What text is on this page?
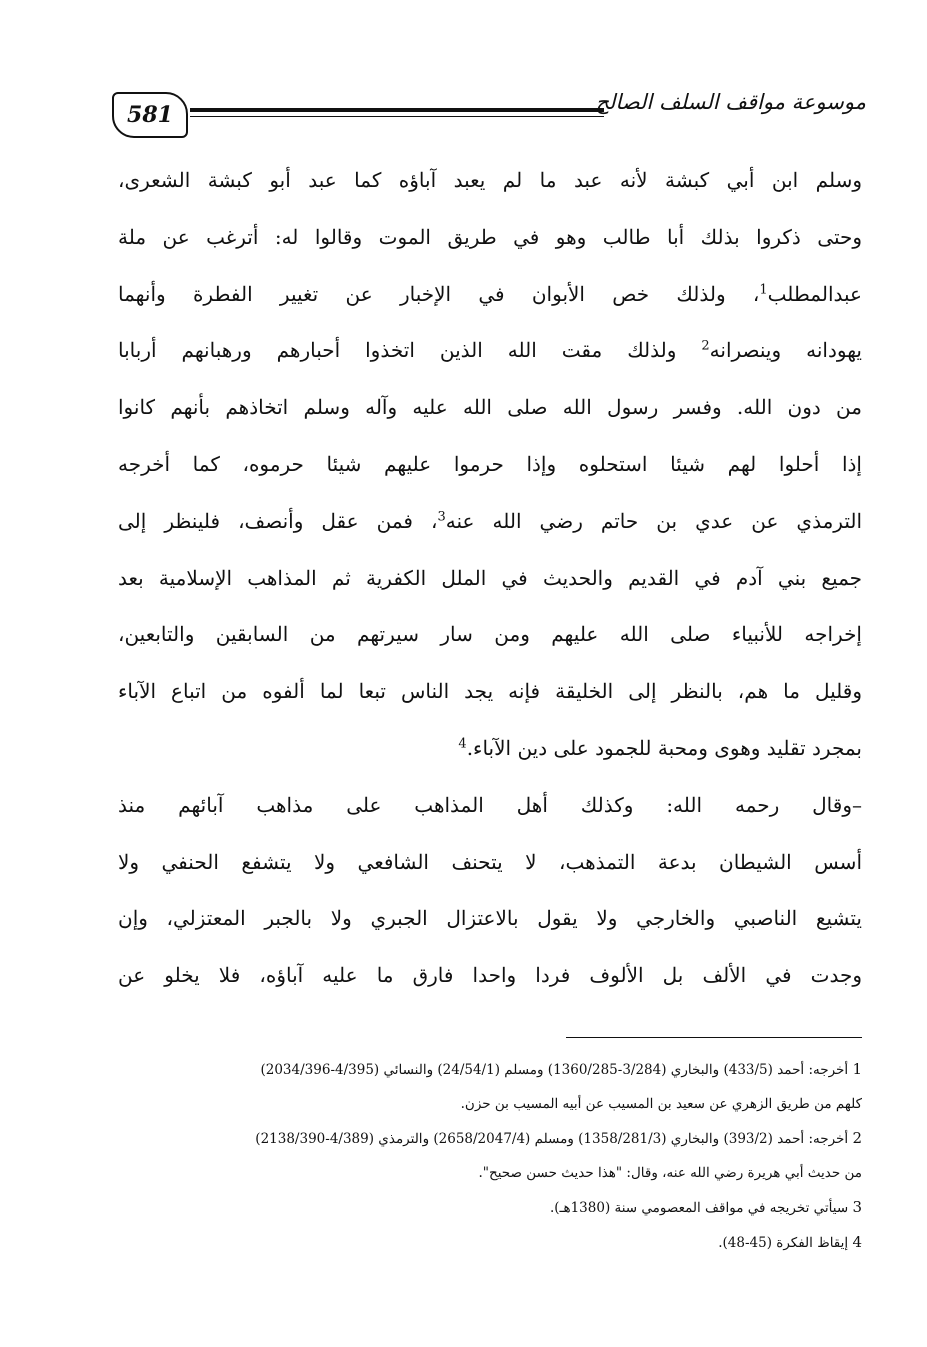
581	موسوعة مواقف السلف الصالح
وسلم ابن أبي كبشة لأنه عبد ما لم يعبد آباؤه كما عبد أبو كبشة الشعرى،
وحتى ذكروا بذلك أبا طالب وهو في طريق الموت وقالوا له: أترغب عن ملة
عبدالمطلب$^1$، ولذلك خص الأبوان في الإخبار عن تغيير الفطرة وأنهما
يهودانه وينصرانه$^2$ ولذلك مقت الله الذين اتخذوا أحبارهم ورهبانهم أربابا
من دون الله. وفسر رسول الله صلى الله عليه وآله وسلم اتخاذهم بأنهم كانوا
إذا أحلوا لهم شيئا استحلوه وإذا حرموا عليهم شيئا حرموه، كما أخرجه
الترمذي عن عدي بن حاتم رضي الله عنه$^3$، فمن عقل وأنصف، فلينظر إلى
جميع بني آدم في القديم والحديث في الملل الكفرية ثم المذاهب الإسلامية بعد
إخراجه للأنبياء صلى الله عليهم ومن سار سيرتهم من السابقين والتابعين،
وقليل ما هم، بالنظر إلى الخليقة فإنه يجد الناس تبعا لما ألفوه من اتباع الآباء
بمجرد تقليد وهوى ومحبة للجمود على دين الآباء.$^4$
–وقال رحمه الله: وكذلك أهل المذاهب على مذاهب آبائهم منذ
أسس الشيطان بدعة التمذهب، لا يتحنف الشافعي ولا يتشفع الحنفي ولا
يتشيع الناصبي والخارجي ولا يقول بالاعتزال الجبري ولا بالجبر المعتزلي، وإن
وجدت في الألف بل الألوف فردا واحدا فارق ما عليه آباؤه، فلا يخلو عن
1 أخرجه: أحمد (433/5) والبخاري (3/284-1360/285) ومسلم (24/54/1) والنسائي (4/395-2034/396)
كلهم من طريق الزهري عن سعيد بن المسيب عن أبيه المسيب بن حزن.
2 أخرجه: أحمد (393/2) والبخاري (1358/281/3) ومسلم (2658/2047/4) والترمذي (4/389-2138/390)
من حديث أبي هريرة رضي الله عنه، وقال: "هذا حديث حسن صحيح".
3 سيأتي تخريجه في مواقف المعصومي سنة (1380هـ).
4 إيقاظ الفكرة (45-48).
